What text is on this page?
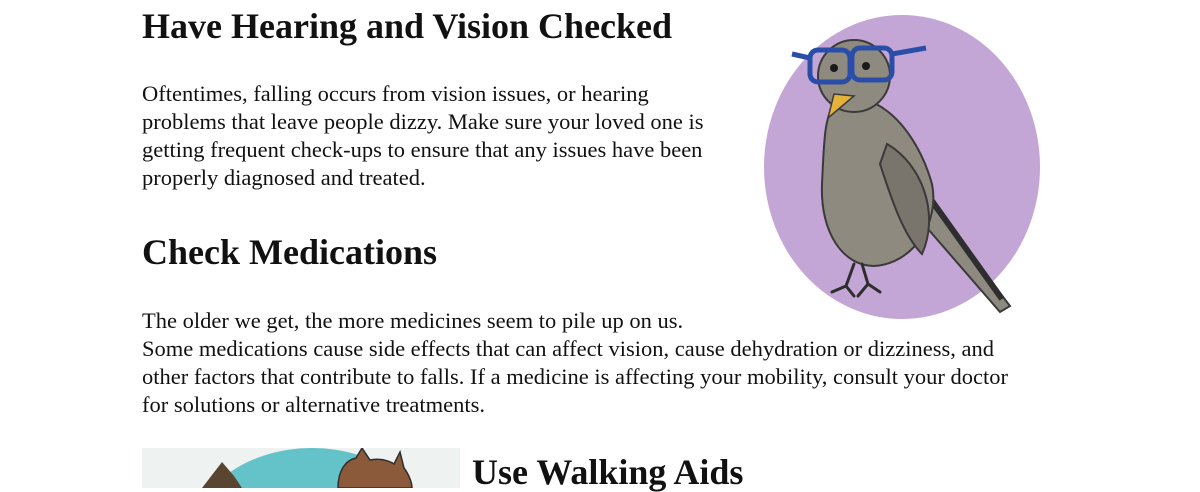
Have Hearing and Vision Checked

Oftentimes, falling occurs from vision issues, or hearing
problems that leave people dizzy. Make sure your loved one is
getting frequent check-ups to ensure that any issues have been
properly diagnosed and treated.

Check Medications

The older we get, the more medicines seem to pile up on us.
Some medications cause side effects that can affect vision, cause dehydration or dizziness, and
other factors that contribute to falls. If a medicine is affecting your mobility, consult your doctor
for solutions or alternative treatments.

Use Walking Aids
